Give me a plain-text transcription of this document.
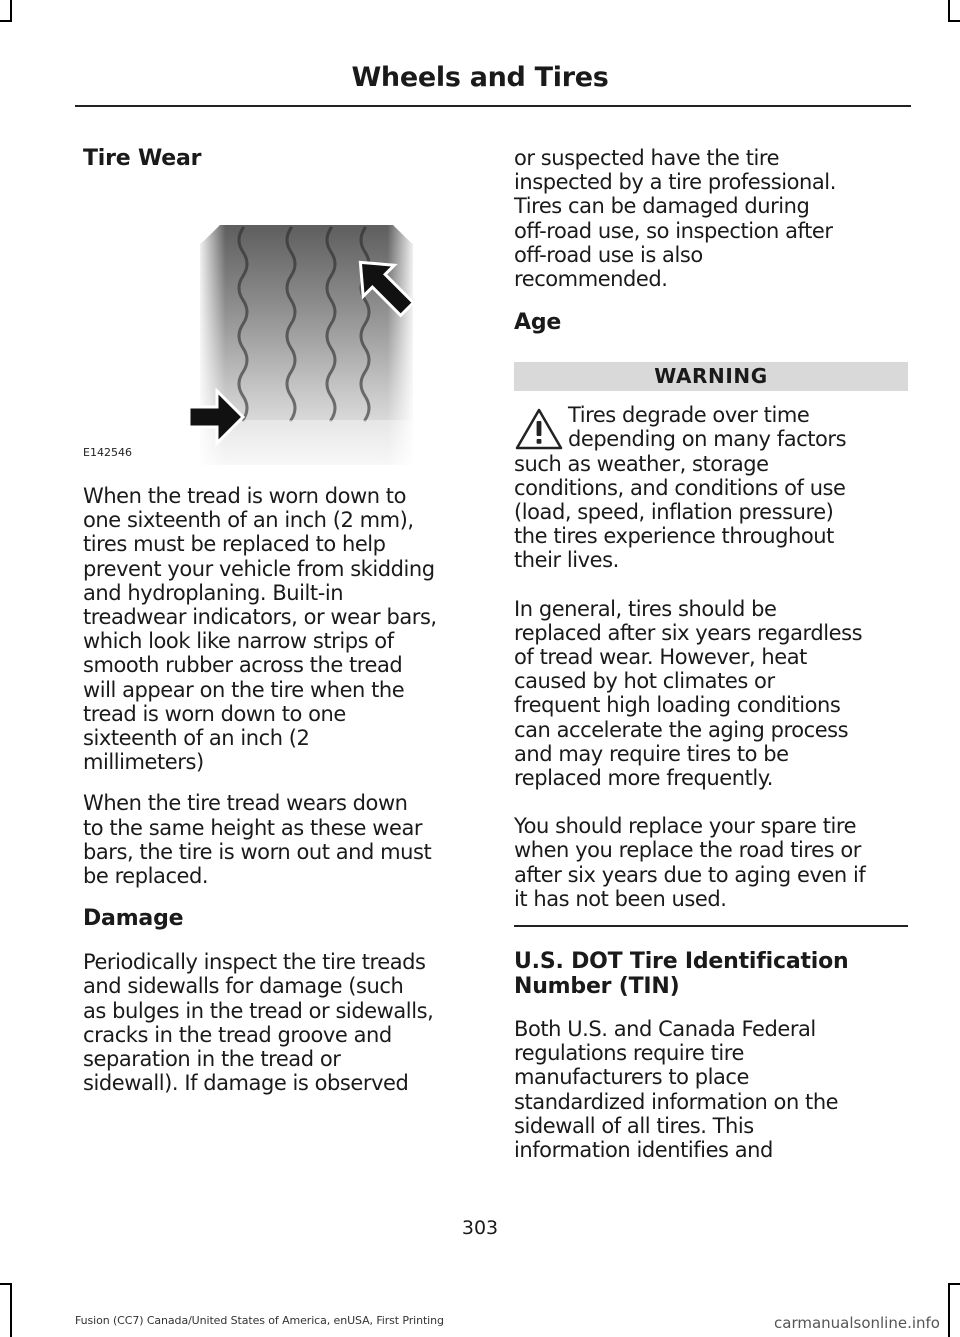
Wheels and Tires
Tire Wear
E142546

When the tread is worn down to
one sixteenth of an inch (2 mm),
tires must be replaced to help
prevent your vehicle from skidding
and hydroplaning. Built-in
treadwear indicators, or wear bars,
which look like narrow strips of
smooth rubber across the tread
will appear on the tire when the
tread is worn down to one
sixteenth of an inch (2
millimeters)

When the tire tread wears down
to the same height as these wear
bars, the tire is worn out and must
be replaced.

Damage

Periodically inspect the tire treads
and sidewalls for damage (such
as bulges in the tread or sidewalls,
cracks in the tread groove and
separation in the tread or
sidewall). If damage is observed

or suspected have the tire
inspected by a tire professional.
Tires can be damaged during
off-road use, so inspection after
off-road use is also
recommended.

Age
WARNING

Tires degrade over time
depending on many factors
such as weather, storage
conditions, and conditions of use
(load, speed, inflation pressure)
the tires experience throughout
their lives.

In general, tires should be
replaced after six years regardless
of tread wear. However, heat
caused by hot climates or
frequent high loading conditions
can accelerate the aging process
and may require tires to be
replaced more frequently.

You should replace your spare tire
when you replace the road tires or
after six years due to aging even if
it has not been used.

U.S. DOT Tire Identification
Number (TIN)

Both U.S. and Canada Federal
regulations require tire
manufacturers to place
standardized information on the
sidewall of all tires. This
information identifies and

303
Fusion (CC7) Canada/United States of America, enUSA, First Printing	carmanualsonline.info
